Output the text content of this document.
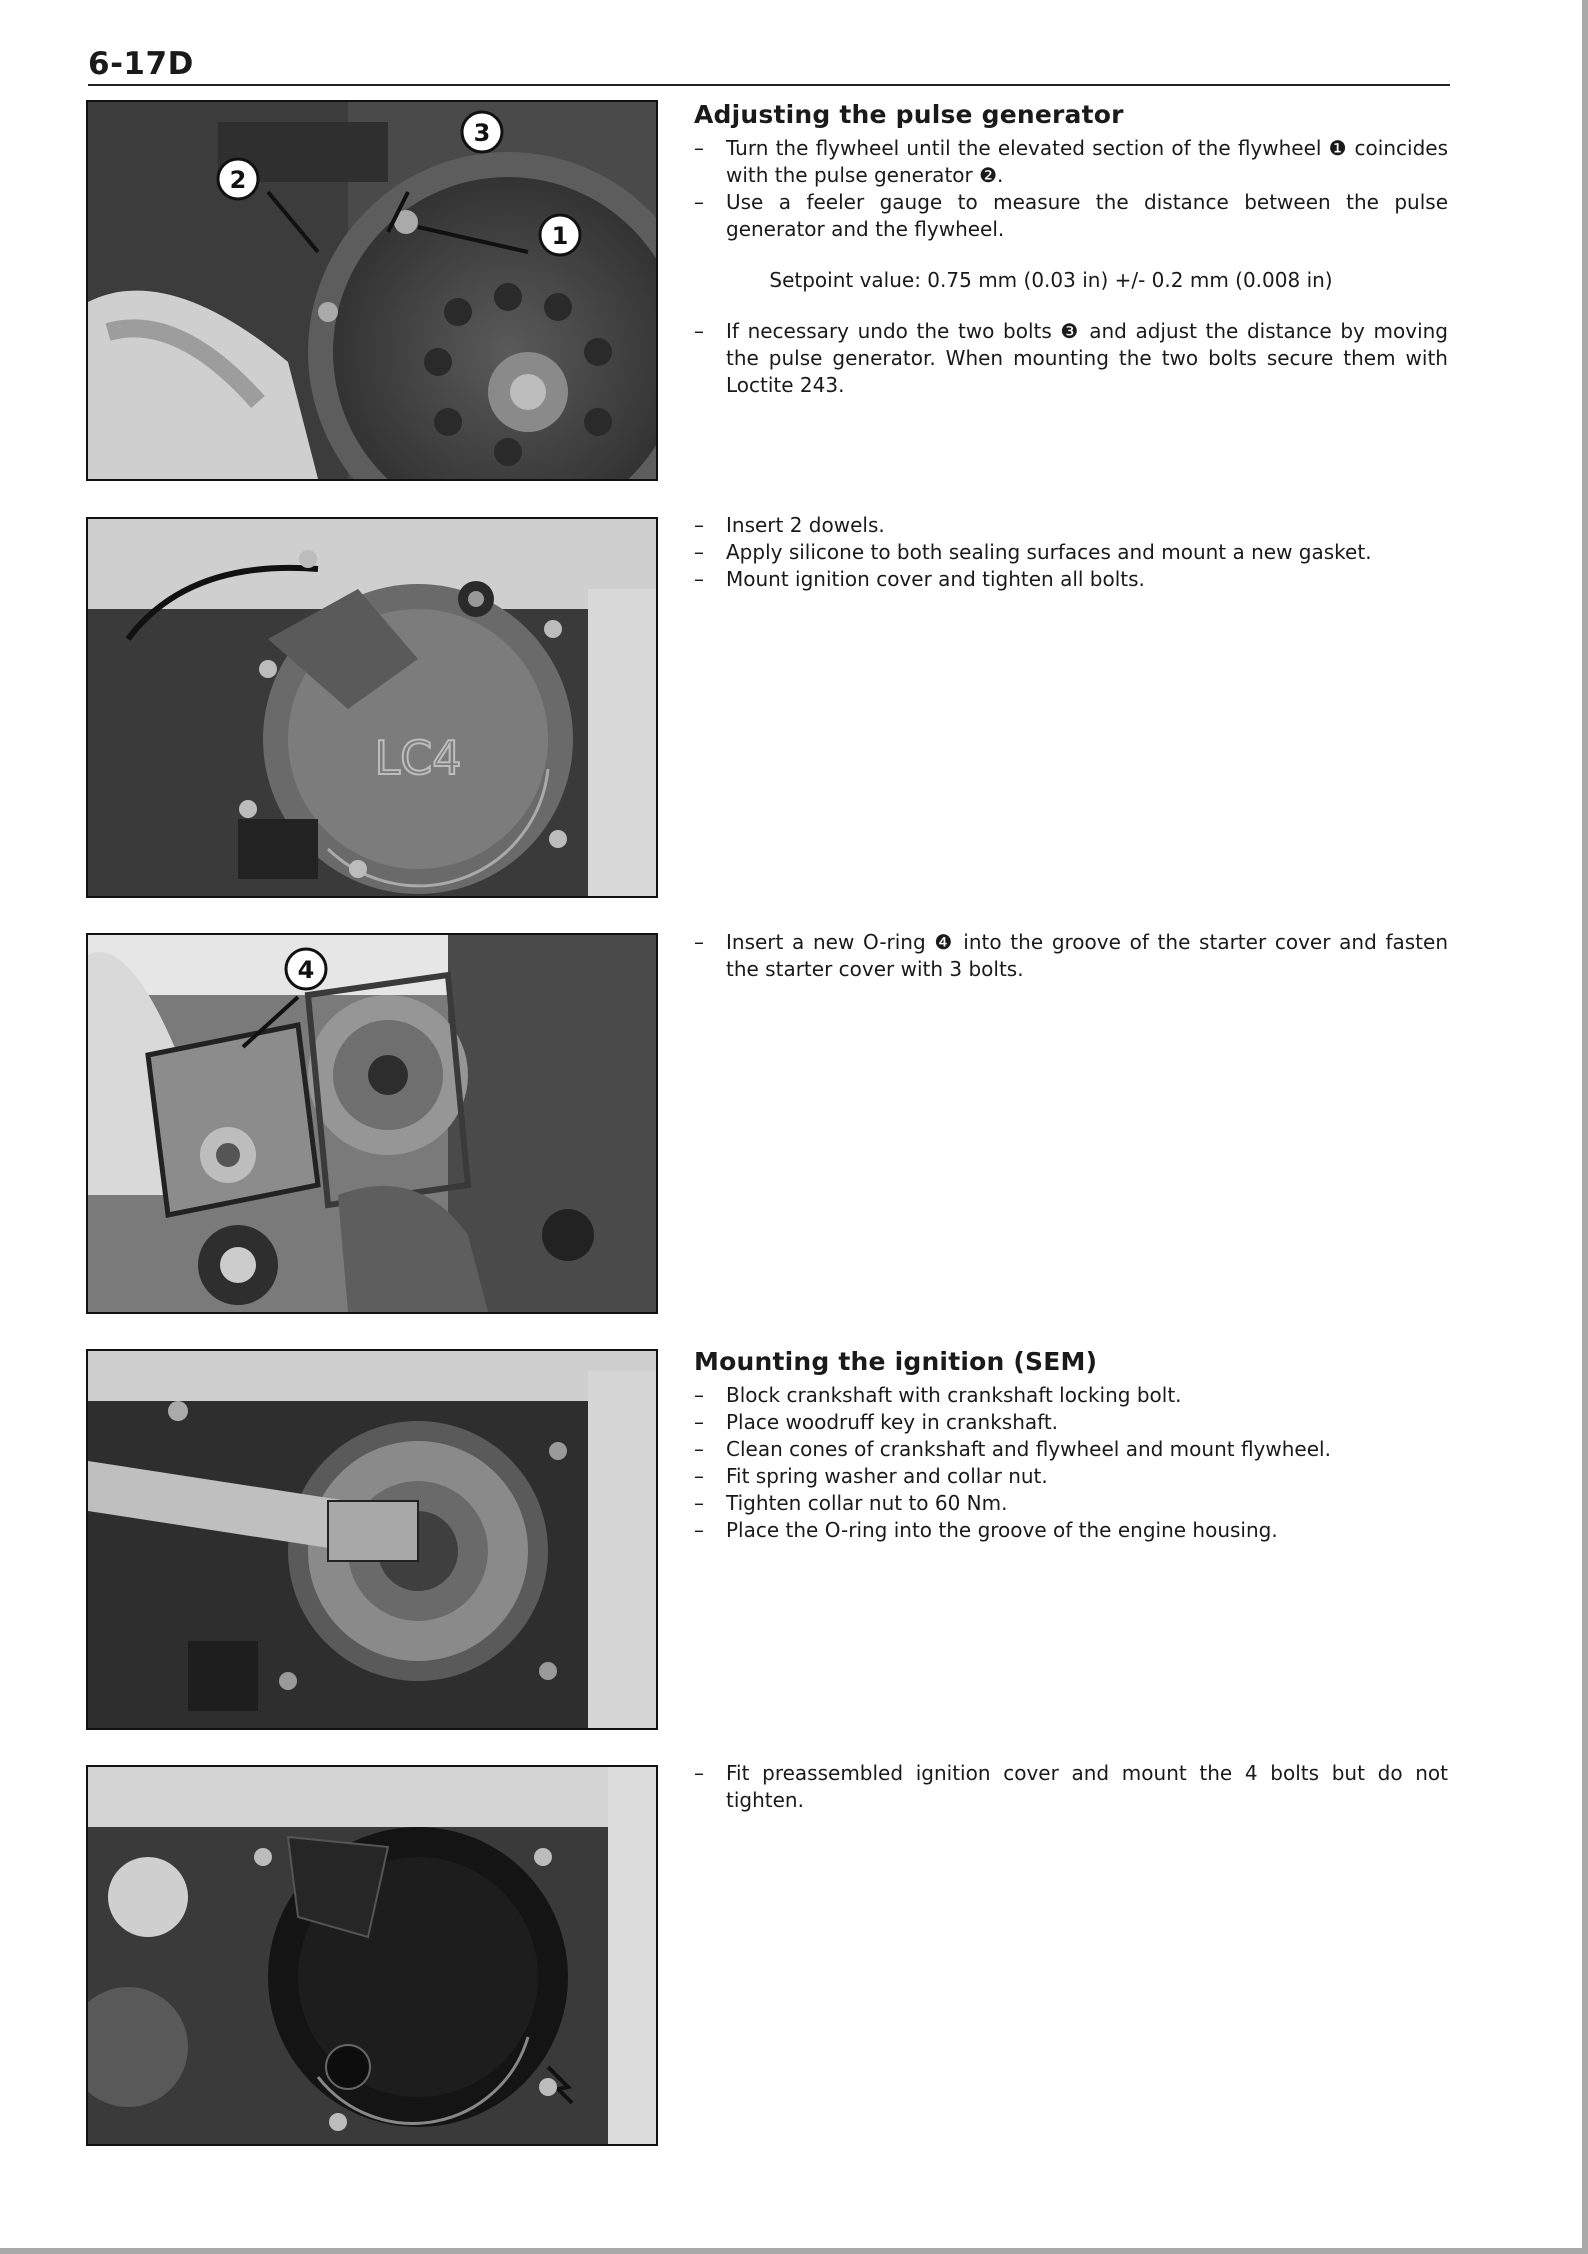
6-17D
3
2
1
Adjusting the pulse generator
– Turn the flywheel until the elevated section of the flywheel ❶ coincides with the pulse generator ❷.
– Use a feeler gauge to measure the distance between the pulse generator and the flywheel.
Setpoint value: 0.75 mm (0.03 in) +/- 0.2 mm (0.008 in)
– If necessary undo the two bolts ❸ and adjust the distance by moving the pulse generator. When mounting the two bolts secure them with Loctite 243.
LC4
– Insert 2 dowels.
– Apply silicone to both sealing surfaces and mount a new gasket.
– Mount ignition cover and tighten all bolts.
4
– Insert a new O-ring ❹ into the groove of the starter cover and fasten the starter cover with 3 bolts.
Mounting the ignition (SEM)
– Block crankshaft with crankshaft locking bolt.
– Place woodruff key in crankshaft.
– Clean cones of crankshaft and flywheel and mount flywheel.
– Fit spring washer and collar nut.
– Tighten collar nut to 60 Nm.
– Place the O-ring into the groove of the engine housing.
– Fit preassembled ignition cover and mount the 4 bolts but do not tighten.
